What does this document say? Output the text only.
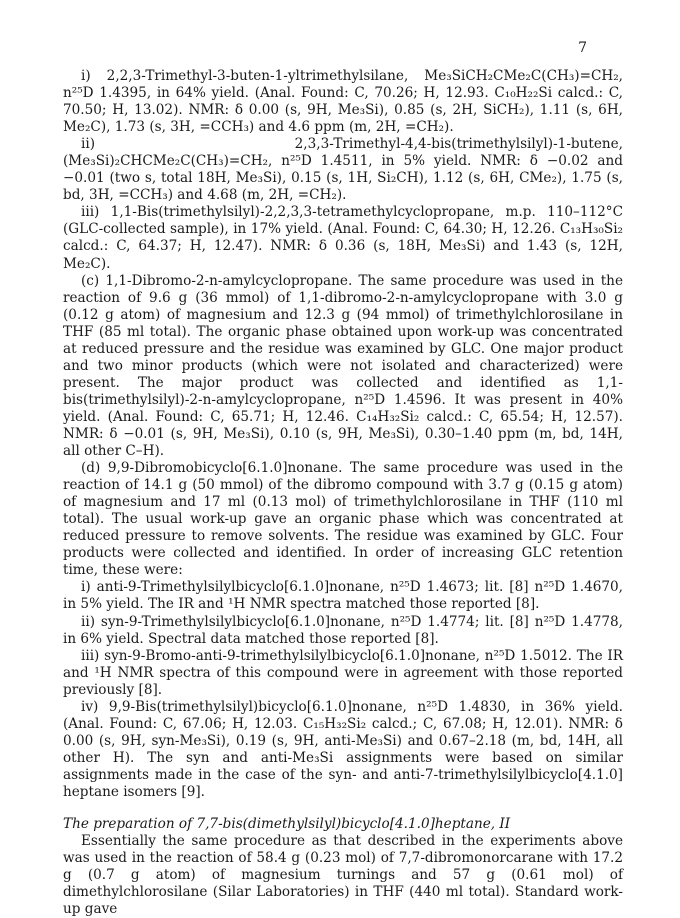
7

i) 2,2,3-Trimethyl-3-buten-1-yltrimethylsilane, Me₃SiCH₂CMe₂C(CH₃)=CH₂, n²⁵D 1.4395, in 64% yield. (Anal. Found: C, 70.26; H, 12.93. C₁₀H₂₂Si calcd.: C, 70.50; H, 13.02). NMR: δ 0.00 (s, 9H, Me₃Si), 0.85 (s, 2H, SiCH₂), 1.11 (s, 6H, Me₂C), 1.73 (s, 3H, =CCH₃) and 4.6 ppm (m, 2H, =CH₂).

ii) 2,3,3-Trimethyl-4,4-bis(trimethylsilyl)-1-butene, (Me₃Si)₂CHCMe₂C(CH₃)=CH₂, n²⁵D 1.4511, in 5% yield. NMR: δ −0.02 and −0.01 (two s, total 18H, Me₃Si), 0.15 (s, 1H, Si₂CH), 1.12 (s, 6H, CMe₂), 1.75 (s, bd, 3H, =CCH₃) and 4.68 (m, 2H, =CH₂).

iii) 1,1-Bis(trimethylsilyl)-2,2,3,3-tetramethylcyclopropane, m.p. 110–112°C (GLC-collected sample), in 17% yield. (Anal. Found: C, 64.30; H, 12.26. C₁₃H₃₀Si₂ calcd.: C, 64.37; H, 12.47). NMR: δ 0.36 (s, 18H, Me₃Si) and 1.43 (s, 12H, Me₂C).

(c) 1,1-Dibromo-2-n-amylcyclopropane. The same procedure was used in the reaction of 9.6 g (36 mmol) of 1,1-dibromo-2-n-amylcyclopropane with 3.0 g (0.12 g atom) of magnesium and 12.3 g (94 mmol) of trimethylchlorosilane in THF (85 ml total). The organic phase obtained upon work-up was concentrated at reduced pressure and the residue was examined by GLC. One major product and two minor products (which were not isolated and characterized) were present. The major product was collected and identified as 1,1-bis(trimethylsilyl)-2-n-amylcyclopropane, n²⁵D 1.4596. It was present in 40% yield. (Anal. Found: C, 65.71; H, 12.46. C₁₄H₃₂Si₂ calcd.: C, 65.54; H, 12.57). NMR: δ −0.01 (s, 9H, Me₃Si), 0.10 (s, 9H, Me₃Si), 0.30–1.40 ppm (m, bd, 14H, all other C–H).

(d) 9,9-Dibromobicyclo[6.1.0]nonane. The same procedure was used in the reaction of 14.1 g (50 mmol) of the dibromo compound with 3.7 g (0.15 g atom) of magnesium and 17 ml (0.13 mol) of trimethylchlorosilane in THF (110 ml total). The usual work-up gave an organic phase which was concentrated at reduced pressure to remove solvents. The residue was examined by GLC. Four products were collected and identified. In order of increasing GLC retention time, these were:

i) anti-9-Trimethylsilylbicyclo[6.1.0]nonane, n²⁵D 1.4673; lit. [8] n²⁵D 1.4670, in 5% yield. The IR and ¹H NMR spectra matched those reported [8].

ii) syn-9-Trimethylsilylbicyclo[6.1.0]nonane, n²⁵D 1.4774; lit. [8] n²⁵D 1.4778, in 6% yield. Spectral data matched those reported [8].

iii) syn-9-Bromo-anti-9-trimethylsilylbicyclo[6.1.0]nonane, n²⁵D 1.5012. The IR and ¹H NMR spectra of this compound were in agreement with those reported previously [8].

iv) 9,9-Bis(trimethylsilyl)bicyclo[6.1.0]nonane, n²⁵D 1.4830, in 36% yield. (Anal. Found: C, 67.06; H, 12.03. C₁₅H₃₂Si₂ calcd.; C, 67.08; H, 12.01). NMR: δ 0.00 (s, 9H, syn-Me₃Si), 0.19 (s, 9H, anti-Me₃Si) and 0.67–2.18 (m, bd, 14H, all other H). The syn and anti-Me₃Si assignments were based on similar assignments made in the case of the syn- and anti-7-trimethylsilylbicyclo[4.1.0] heptane isomers [9].

The preparation of 7,7-bis(dimethylsilyl)bicyclo[4.1.0]heptane, II

Essentially the same procedure as that described in the experiments above was used in the reaction of 58.4 g (0.23 mol) of 7,7-dibromonorcarane with 17.2 g (0.7 g atom) of magnesium turnings and 57 g (0.61 mol) of dimethylchlorosilane (Silar Laboratories) in THF (440 ml total). Standard work-up gave
